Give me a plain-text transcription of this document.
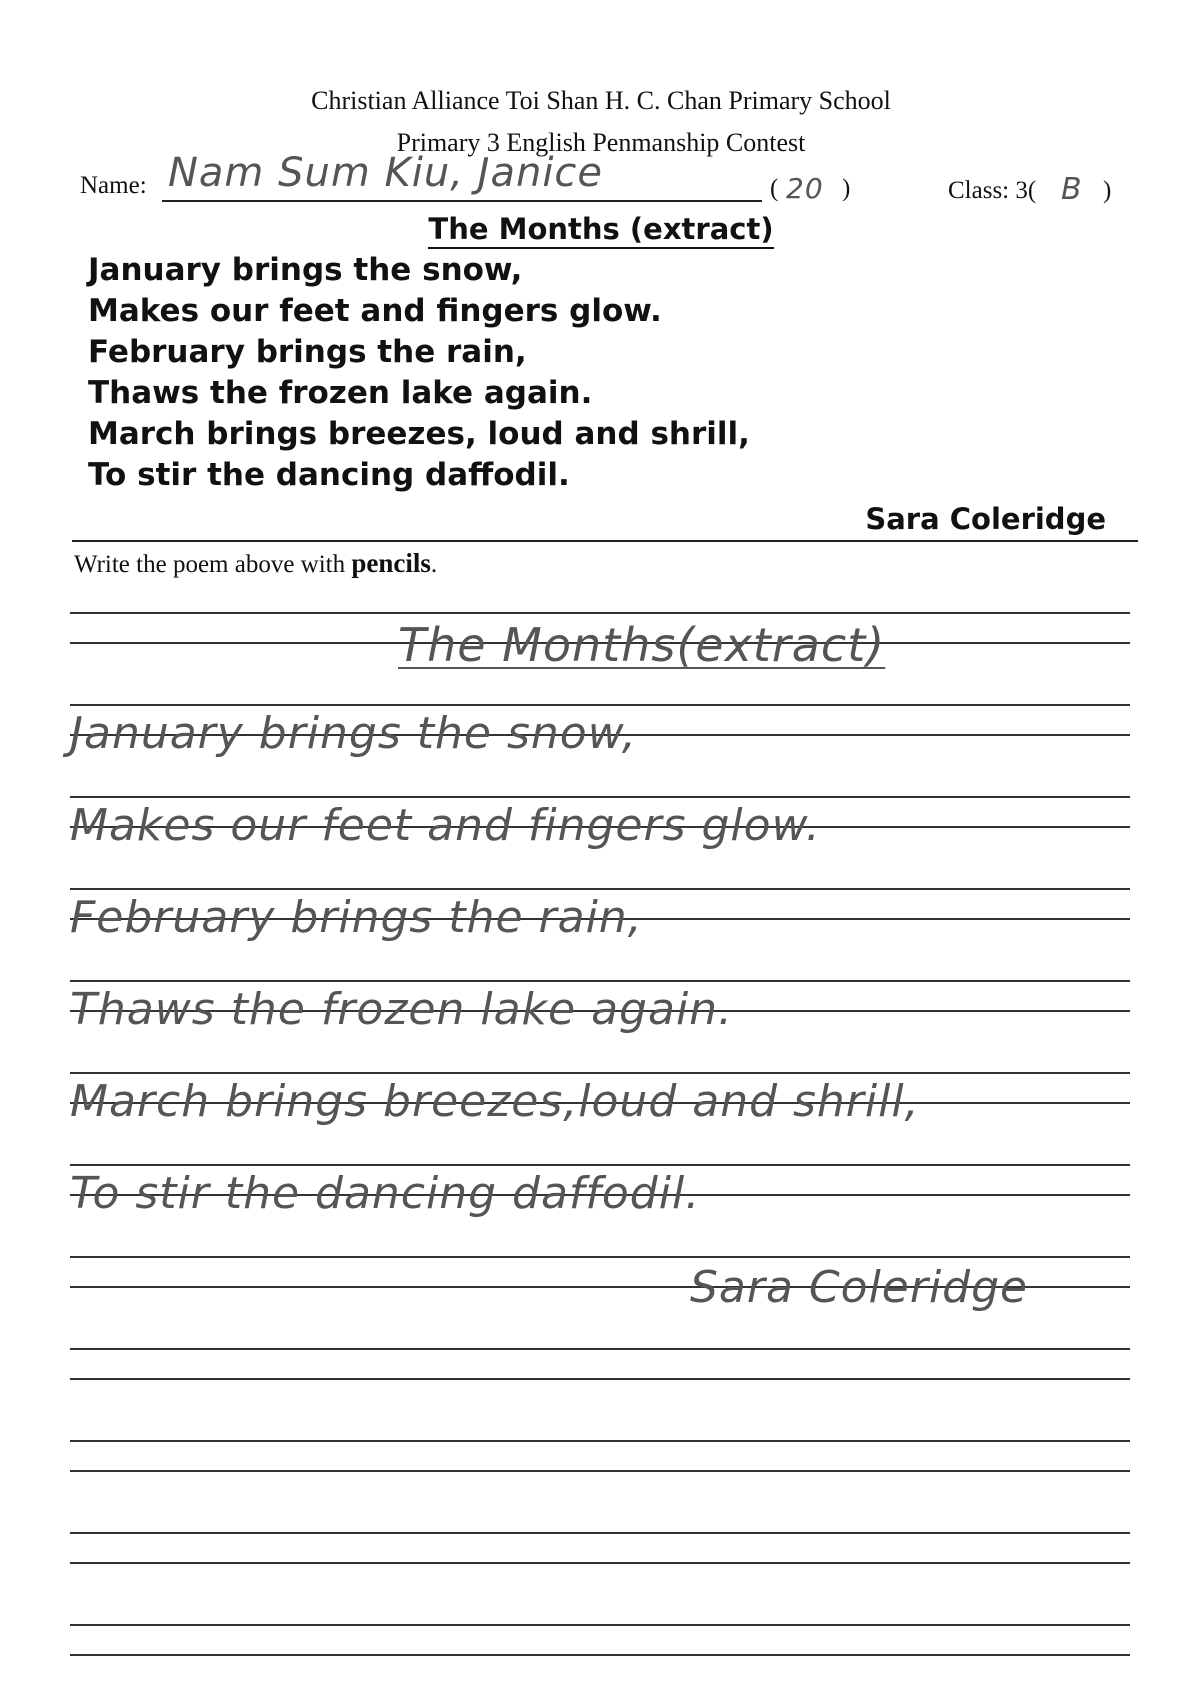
Christian Alliance Toi Shan H. C. Chan Primary School
Primary 3 English Penmanship Contest
Name: Nam Sum Kiu, Janice	( 20 )	Class: 3( B )
The Months (extract)
January brings the snow,
Makes our feet and fingers glow.
February brings the rain,
Thaws the frozen lake again.
March brings breezes, loud and shrill,
To stir the dancing daffodil.
Sara Coleridge
Write the poem above with pencils.
The Months(extract)
January brings the snow,
Makes our feet and fingers glow.
February brings the rain,
Thaws the frozen lake again.
March brings breezes,loud and shrill,
To stir the dancing daffodil.
Sara Coleridge
